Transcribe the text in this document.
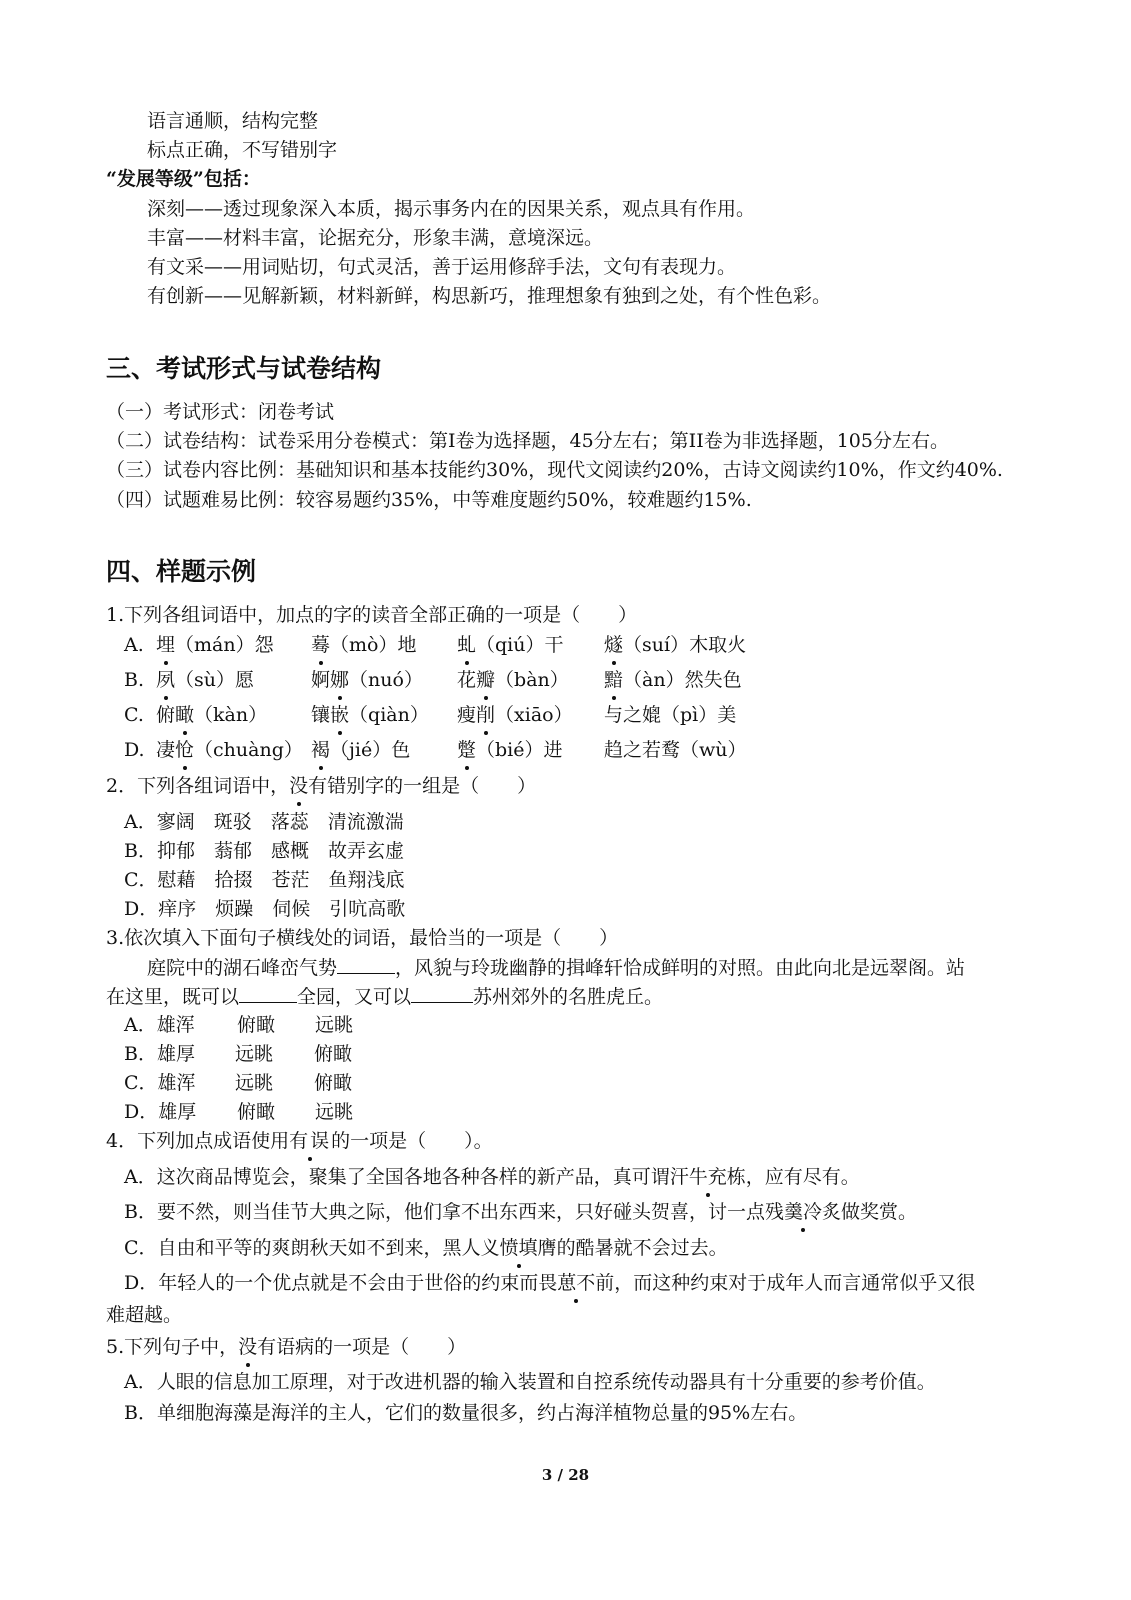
语言通顺，结构完整
标点正确，不写错别字
“发展等级”包括：
深刻——透过现象深入本质，揭示事务内在的因果关系，观点具有作用。
丰富——材料丰富，论据充分，形象丰满，意境深远。
有文采——用词贴切，句式灵活，善于运用修辞手法，文句有表现力。
有创新——见解新颖，材料新鲜，构思新巧，推理想象有独到之处，有个性色彩。
三、考试形式与试卷结构
（一）考试形式：闭卷考试
（二）试卷结构：试卷采用分卷模式：第I卷为选择题，45分左右；第II卷为非选择题，105分左右。
（三）试卷内容比例：基础知识和基本技能约30%，现代文阅读约20%，古诗文阅读约10%，作文约40%.
（四）试题难易比例：较容易题约35%，中等难度题约50%，较难题约15%.
四、样题示例
1.下列各组词语中，加点的字的读音全部正确的一项是（　　）
A. 埋（mán）怨 蓦（mò）地 虬（qiú）干 燧（suí）木取火
B. 夙（sù）愿	婀娜（nuó） 花瓣（bàn） 黯（àn）然失色
C. 俯瞰（kàn） 镶嵌（qiàn） 瘦削（xiāo） 与之媲（pì）美
D. 凄怆（chuàng） 褐（jié）色 蹩（bié）进 趋之若鹜（wù）
2．下列各组词语中，没有错别字的一组是（　　）
A．寥阔　斑驳　落蕊　清流激湍
B．抑郁　蓊郁　感概　故弄玄虚
C．慰藉　拾掇　苍茫　鱼翔浅底
D．痒序　烦躁　伺候　引吭高歌
3.依次填入下面句子横线处的词语，最恰当的一项是（　　）
庭院中的湖石峰峦气势	，风貌与玲珑幽静的揖峰轩恰成鲜明的对照。由此向北是远翠阁。站
在这里，既可以	全园，又可以	苏州郊外的名胜虎丘。
A．雄浑 俯瞰 远眺
B．雄厚 远眺 俯瞰
C．雄浑 远眺 俯瞰
D．雄厚 俯瞰 远眺
4．下列加点成语使用有误的一项是（　　）。
A．这次商品博览会，聚集了全国各地各种各样的新产品，真可谓汗牛充栋，应有尽有。
B．要不然，则当佳节大典之际，他们拿不出东西来，只好碰头贺喜，讨一点残羹冷炙做奖赏。
C．自由和平等的爽朗秋天如不到来，黑人义愤填膺的酷暑就不会过去。
D．年轻人的一个优点就是不会由于世俗的约束而畏葸不前，而这种约束对于成年人而言通常似乎又很
难超越。
5.下列句子中，没有语病的一项是（　　）
A．人眼的信息加工原理，对于改进机器的输入装置和自控系统传动器具有十分重要的参考价值。
B．单细胞海藻是海洋的主人，它们的数量很多，约占海洋植物总量的95%左右。
3 / 28
